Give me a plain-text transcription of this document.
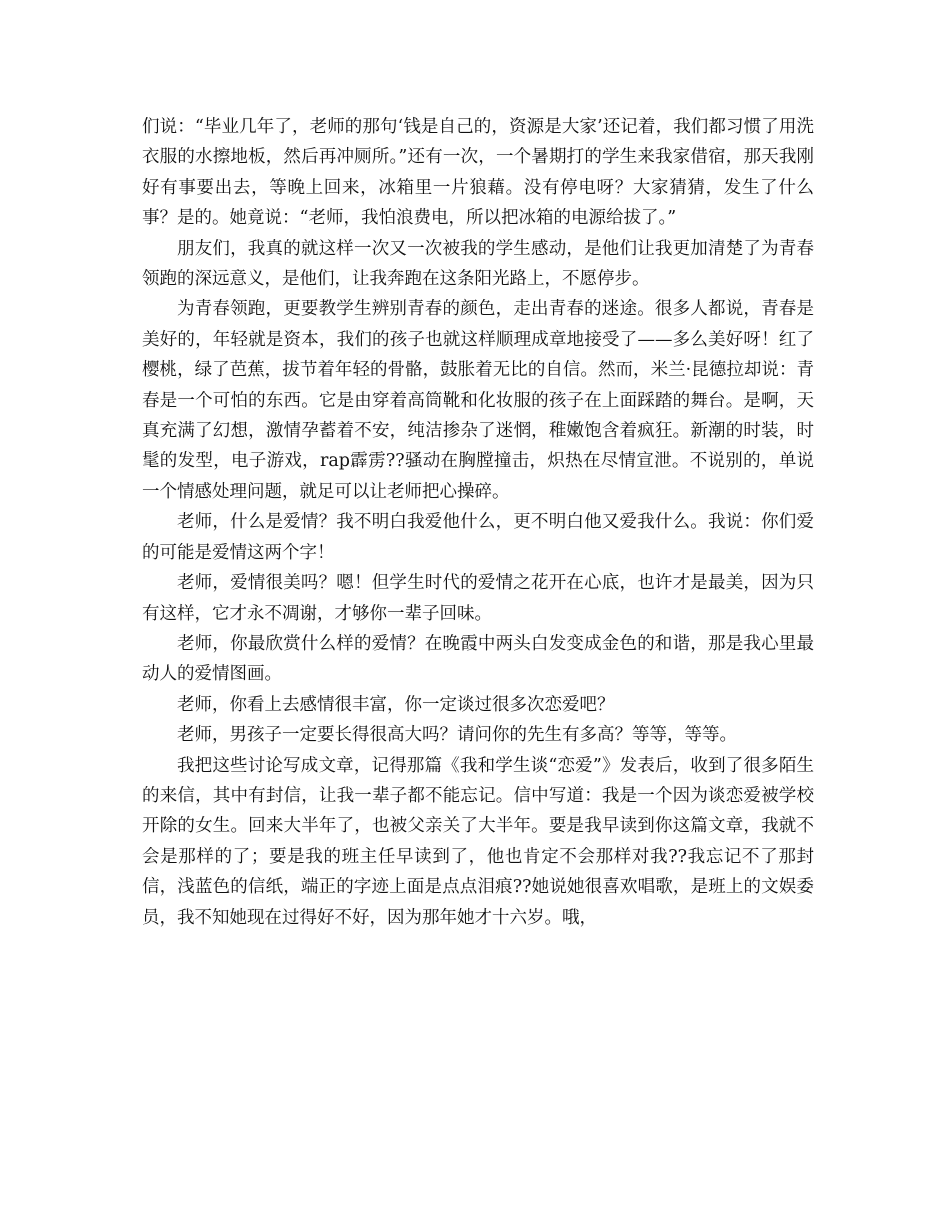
们说：“毕业几年了，老师的那句‘钱是自己的，资源是大家’还记着，我们都习惯了用洗衣服的水擦地板，然后再冲厕所。”还有一次，一个暑期打的学生来我家借宿，那天我刚好有事要出去，等晚上回来，冰箱里一片狼藉。没有停电呀？大家猜猜，发生了什么事？是的。她竟说：“老师，我怕浪费电，所以把冰箱的电源给拔了。”

朋友们，我真的就这样一次又一次被我的学生感动，是他们让我更加清楚了为青春领跑的深远意义，是他们，让我奔跑在这条阳光路上，不愿停步。

为青春领跑，更要教学生辨别青春的颜色，走出青春的迷途。很多人都说，青春是美好的，年轻就是资本，我们的孩子也就这样顺理成章地接受了——多么美好呀！红了樱桃，绿了芭蕉，拔节着年轻的骨骼，鼓胀着无比的自信。然而，米兰·昆德拉却说：青春是一个可怕的东西。它是由穿着高筒靴和化妆服的孩子在上面踩踏的舞台。是啊，天真充满了幻想，激情孕蓄着不安，纯洁掺杂了迷惘，稚嫩饱含着疯狂。新潮的时装，时髦的发型，电子游戏，rap霹雳??骚动在胸膛撞击，炽热在尽情宣泄。不说别的，单说一个情感处理问题，就足可以让老师把心操碎。

老师，什么是爱情？我不明白我爱他什么，更不明白他又爱我什么。我说：你们爱的可能是爱情这两个字！

老师，爱情很美吗？嗯！但学生时代的爱情之花开在心底，也许才是最美，因为只有这样，它才永不凋谢，才够你一辈子回味。

老师，你最欣赏什么样的爱情？在晚霞中两头白发变成金色的和谐，那是我心里最动人的爱情图画。

老师，你看上去感情很丰富，你一定谈过很多次恋爱吧？

老师，男孩子一定要长得很高大吗？请问你的先生有多高？等等，等等。

我把这些讨论写成文章，记得那篇《我和学生谈“恋爱”》发表后，收到了很多陌生的来信，其中有封信，让我一辈子都不能忘记。信中写道：我是一个因为谈恋爱被学校开除的女生。回来大半年了，也被父亲关了大半年。要是我早读到你这篇文章，我就不会是那样的了；要是我的班主任早读到了，他也肯定不会那样对我??我忘记不了那封信，浅蓝色的信纸，端正的字迹上面是点点泪痕??她说她很喜欢唱歌，是班上的文娱委员，我不知她现在过得好不好，因为那年她才十六岁。哦，
